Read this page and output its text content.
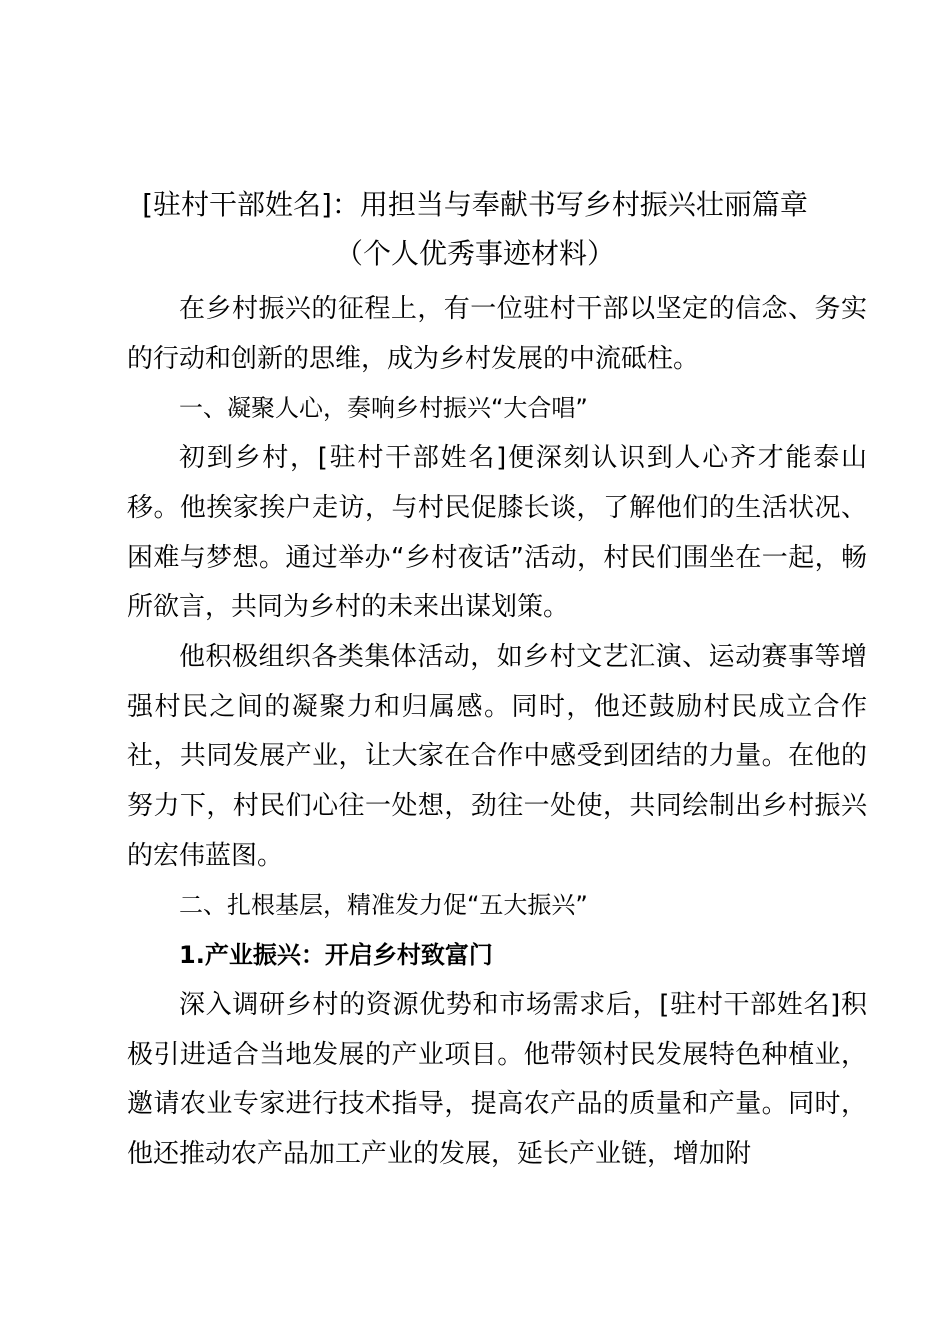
[驻村干部姓名]：用担当与奉献书写乡村振兴壮丽篇章
（个人优秀事迹材料）

在乡村振兴的征程上，有一位驻村干部以坚定的信念、务实的行动和创新的思维，成为乡村发展的中流砥柱。

一、凝聚人心，奏响乡村振兴“大合唱”

初到乡村，[驻村干部姓名]便深刻认识到人心齐才能泰山移。他挨家挨户走访，与村民促膝长谈，了解他们的生活状况、困难与梦想。通过举办“乡村夜话”活动，村民们围坐在一起，畅所欲言，共同为乡村的未来出谋划策。

他积极组织各类集体活动，如乡村文艺汇演、运动赛事等增强村民之间的凝聚力和归属感。同时，他还鼓励村民成立合作社，共同发展产业，让大家在合作中感受到团结的力量。在他的努力下，村民们心往一处想，劲往一处使，共同绘制出乡村振兴的宏伟蓝图。

二、扎根基层，精准发力促“五大振兴”

1.产业振兴：开启乡村致富门

深入调研乡村的资源优势和市场需求后，[驻村干部姓名]积极引进适合当地发展的产业项目。他带领村民发展特色种植业，邀请农业专家进行技术指导，提高农产品的质量和产量。同时，他还推动农产品加工产业的发展，延长产业链，增加附
